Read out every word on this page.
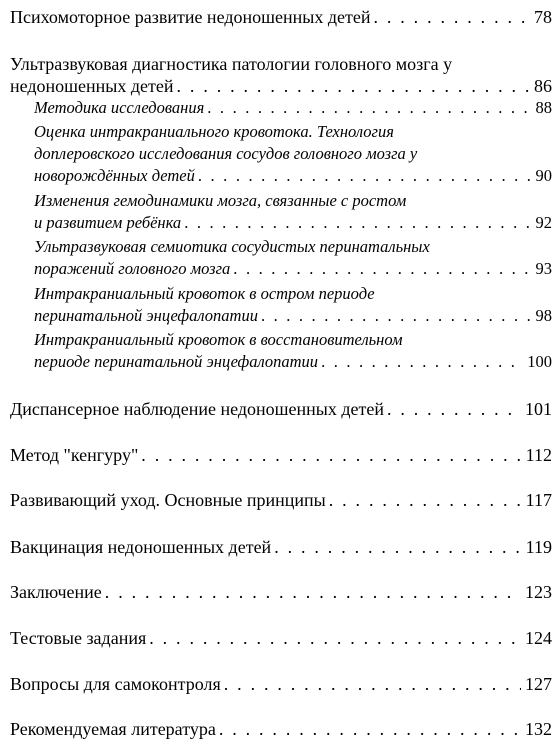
Психомоторное развитие недоношенных детей . . .	78
Ультразвуковая диагностика патологии головного мозга у
недоношенных детей . . .	86
Методика исследования . . .	88
Оценка интракраниального кровотока. Технология
доплеровского исследования сосудов головного мозга у
новорождённых детей . . .	90
Изменения гемодинамики мозга, связанные с ростом
и развитием ребёнка . . .	92
Ультразвуковая семиотика сосудистых перинатальных
поражений головного мозга . . .	93
Интракраниальный кровоток в остром периоде
перинатальной энцефалопатии . . .	98
Интракраниальный кровоток в восстановительном
периоде перинатальной энцефалопатии . . .	100
Диспансерное наблюдение недоношенных детей . . .	101
Метод "кенгуру" . . .	112
Развивающий уход. Основные принципы . . .	117
Вакцинация недоношенных детей . . .	119
Заключение . . .	123
Тестовые задания . . .	124
Вопросы для самоконтроля . . .	127
Рекомендуемая литература . . .	132
